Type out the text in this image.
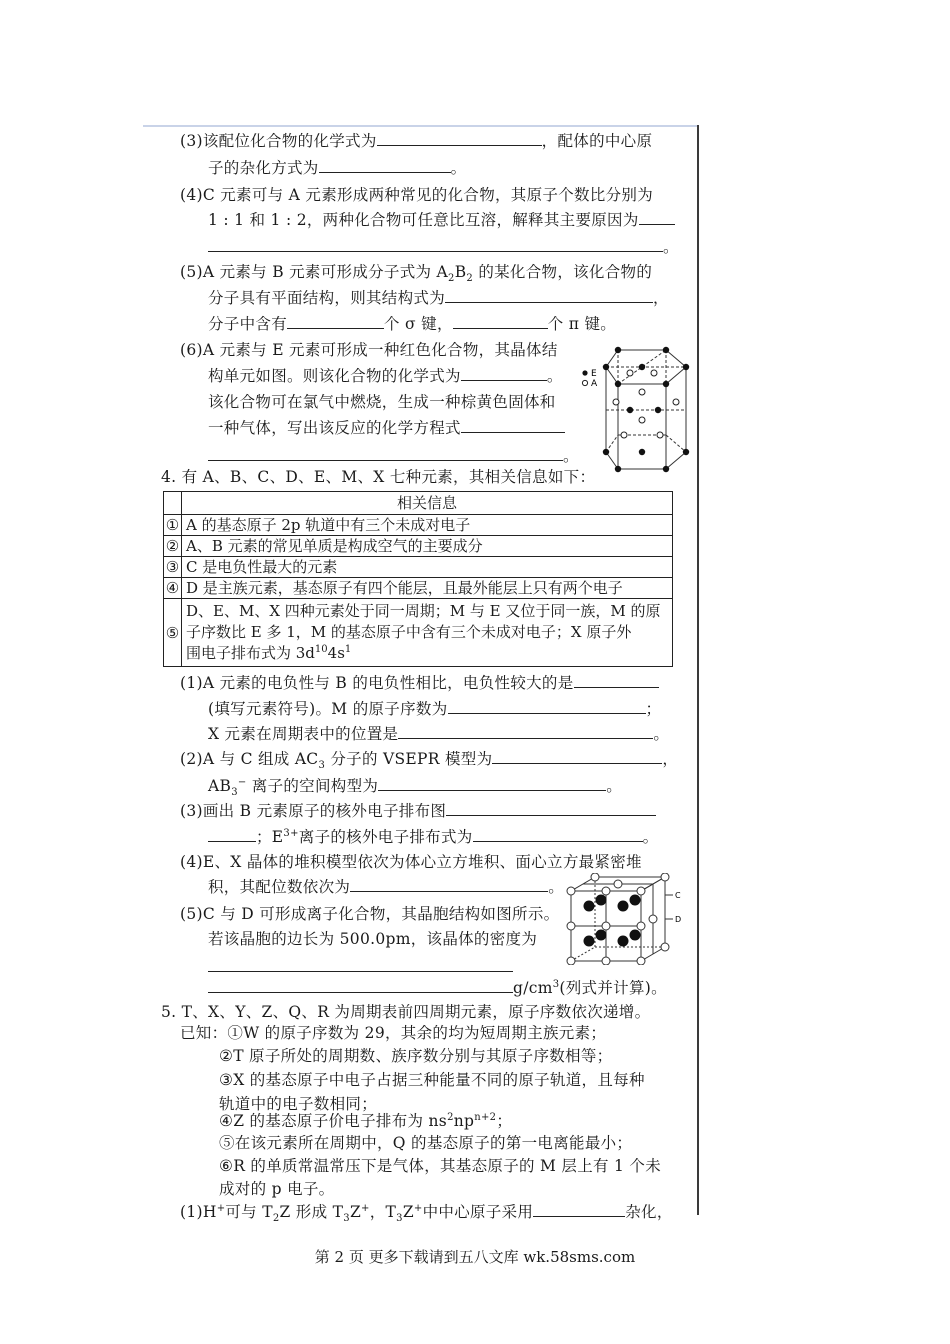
(3)该配位化合物的化学式为	，配体的中心原
子的杂化方式为	。
(4)C 元素可与 A 元素形成两种常见的化合物，其原子个数比分别为
1 : 1 和 1 : 2，两种化合物可任意比互溶，解释其主要原因为
。
(5)A 元素与 B 元素可形成分子式为 $A_2B_2$ 的某化合物，该化合物的
分子具有平面结构，则其结构式为	，
分子中含有	个 σ 键，	个 π 键。
(6)A 元素与 E 元素可形成一种红色化合物，其晶体结
构单元如图。则该化合物的化学式为	。
该化合物可在氯气中燃烧，生成一种棕黄色固体和
一种气体，写出该反应的化学方程式
。
E
A
4. 有 A、B、C、D、E、M、X 七种元素，其相关信息如下：
	相关信息
①	A 的基态原子 2p 轨道中有三个未成对电子
②	A、B 元素的常见单质是构成空气的主要成分
③	C 是电负性最大的元素
④	D 是主族元素，基态原子有四个能层，且最外能层上只有两个电子
⑤	D、E、M、X 四种元素处于同一周期；M 与 E 又位于同一族，M 的原
子序数比 E 多 1，M 的基态原子中含有三个未成对电子；X 原子外
围电子排布式为 $3d^{10}4s^1$
(1)A 元素的电负性与 B 的电负性相比，电负性较大的是
(填写元素符号)。M 的原子序数为	；
X 元素在周期表中的位置是	。
(2)A 与 C 组成 $AC_3$ 分子的 VSEPR 模型为	，
$AB_3^-$ 离子的空间构型为	。
(3)画出 B 元素原子的核外电子排布图
；$E^{3+}$离子的核外电子排布式为	。
(4)E、X 晶体的堆积模型依次为体心立方堆积、面心立方最紧密堆
积，其配位数依次为	。
(5)C 与 D 可形成离子化合物，其晶胞结构如图所示。
若该晶胞的边长为 500.0pm，该晶体的密度为
$g/cm^3$(列式并计算)。
C
D
5. T、X、Y、Z、Q、R 为周期表前四周期元素，原子序数依次递增。
已知：①W 的原子序数为 29，其余的均为短周期主族元素；
②T 原子所处的周期数、族序数分别与其原子序数相等；
③X 的基态原子中电子占据三种能量不同的原子轨道，且每种
轨道中的电子数相同；
④Z 的基态原子价电子排布为 $ns^2np^{n+2}$；
⑤在该元素所在周期中，Q 的基态原子的第一电离能最小；
⑥R 的单质常温常压下是气体，其基态原子的 M 层上有 1 个未
成对的 p 电子。
(1)H+可与 $T_2Z$ 形成 $T_3Z^+$，$T_3Z^+$中中心原子采用	杂化，
第 2 页 更多下载请到五八文库 wk.58sms.com
